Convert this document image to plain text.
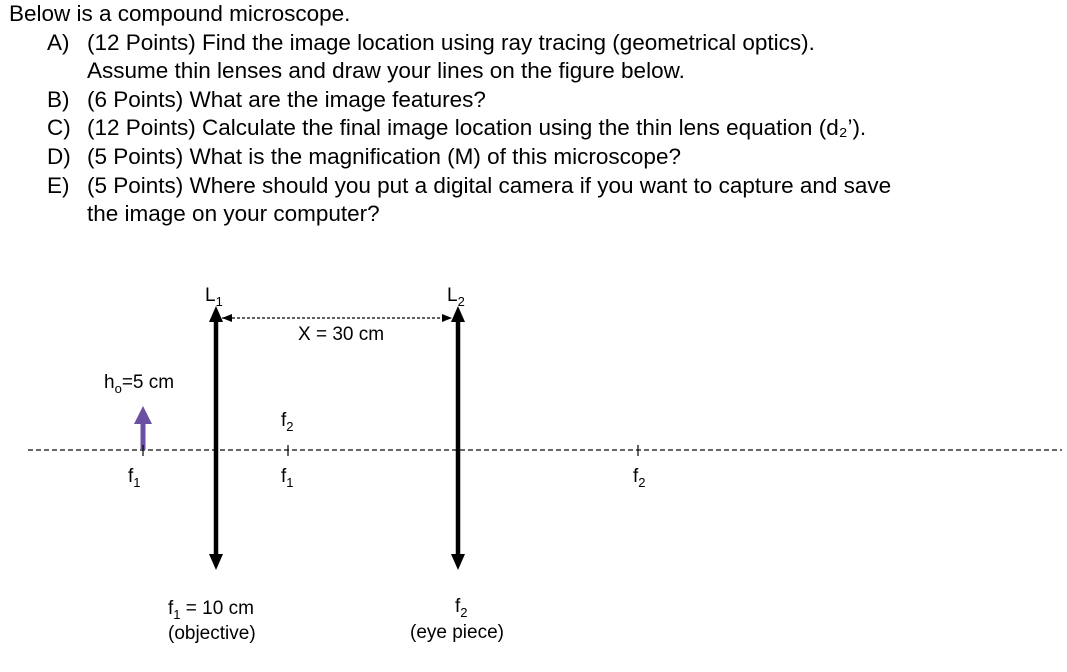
Below is a compound microscope.

A) (12 Points) Find the image location using ray tracing (geometrical optics).
Assume thin lenses and draw your lines on the figure below.
B) (6 Points) What are the image features?
C) (12 Points) Calculate the final image location using the thin lens equation (d₂’).
D) (5 Points) What is the magnification (M) of this microscope?
E) (5 Points) Where should you put a digital camera if you want to capture and save
the image on your computer?
$L_1$	$L_2$
X = 30 cm
$h_o=5$ cm
$f_1$
$f_2$
$f_1$	$f_2$
$f_1 = 10$ cm
(objective)
$f_2$
(eye piece)
